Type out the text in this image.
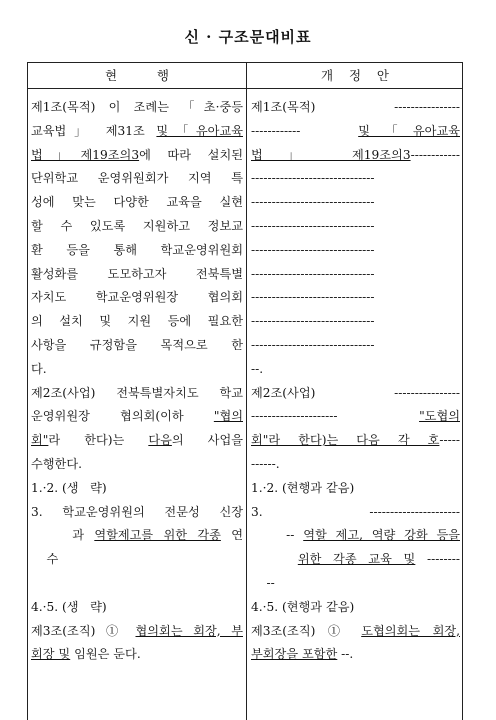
신 · 구조문대비표
현          행	개    정    안
제1조(목적) 이 조례는 「초·중등
교육법」 제31조 및「유아교육
법」제19조의3에 따라 설치된
단위학교 운영위원회가 지역 특
성에 맞는 다양한 교육을 실현
할 수 있도록 지원하고 정보교
환 등을 통해 학교운영위원회
활성화를 도모하고자 전북특별
자치도 학교운영위원장 협의회
의 설치 및 지원 등에 필요한
사항을 규정함을 목적으로 한
다.
제2조(사업) 전북특별자치도 학교
운영위원장 협의회(이하 "협의
회"라 한다)는 다음의 사업을
수행한다.
1.·2. (생   략)
3. 학교운영위원의 전문성 신장
과 역할제고를 위한 각종 연
수
4.·5. (생   략)
제3조(조직) ① 협의회는 회장, 부
회장 및 임원은 둔다.
제1조(목적) ----------------
------------   및「유아교육
법」 제19조의3------------
------------------------------
------------------------------
------------------------------
------------------------------
------------------------------
------------------------------
------------------------------
------------------------------
--.
제2조(사업) ----------------
--------------------- "도협의
회"라 한다)는 다음 각 호-----
------.
1.·2. (현행과 같음)
3.  ----------------------
-- 역할 제고, 역량 강화 등을
위한 각종 교육 및 --------
--
4.·5. (현행과 같음)
제3조(조직) ① 도협의회는 회장,
부회장을 포함한 --.
